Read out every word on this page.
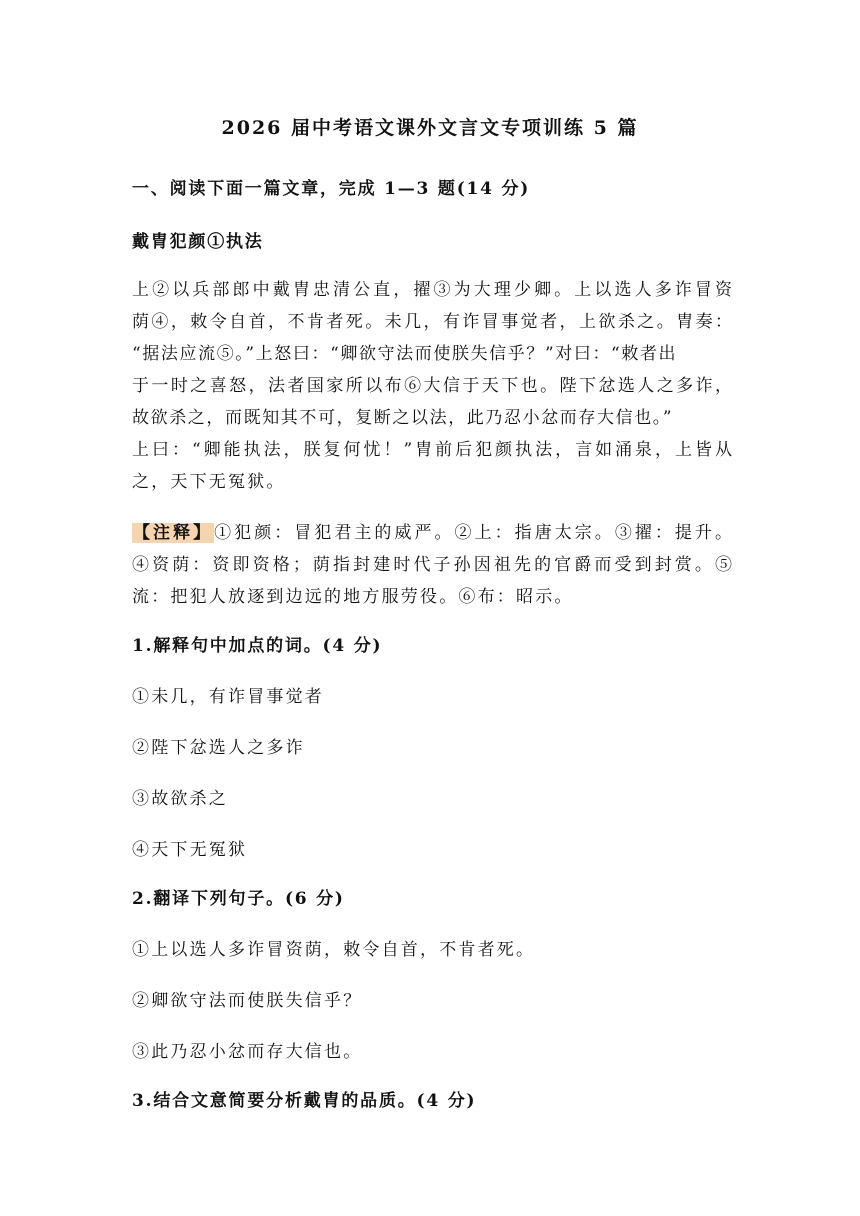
2026 届中考语文课外文言文专项训练 5 篇
一、阅读下面一篇文章，完成 1—3 题(14 分)
戴胄犯颜①执法
上②以兵部郎中戴胄忠清公直，擢③为大理少卿。上以选人多诈冒资
荫④，敕令自首，不肯者死。未几，有诈冒事觉者，上欲杀之。胄奏：
“据法应流⑤。”上怒曰：“卿欲守法而使朕失信乎？”对曰：“敕者出
于一时之喜怒，法者国家所以布⑥大信于天下也。陛下忿选人之多诈，
故欲杀之，而既知其不可，复断之以法，此乃忍小忿而存大信也。”
上曰：“卿能执法，朕复何忧！”胄前后犯颜执法，言如涌泉，上皆从
之，天下无冤狱。
【注释】①犯颜：冒犯君主的威严。②上：指唐太宗。③擢：提升。
④资荫：资即资格；荫指封建时代子孙因祖先的官爵而受到封赏。⑤
流：把犯人放逐到边远的地方服劳役。⑥布：昭示。
1.解释句中加点的词。(4 分)
①未几，有诈冒事觉者
②陛下忿选人之多诈
③故欲杀之
④天下无冤狱
2.翻译下列句子。(6 分)
①上以选人多诈冒资荫，敕令自首，不肯者死。
②卿欲守法而使朕失信乎？
③此乃忍小忿而存大信也。
3.结合文意简要分析戴胄的品质。(4 分)
